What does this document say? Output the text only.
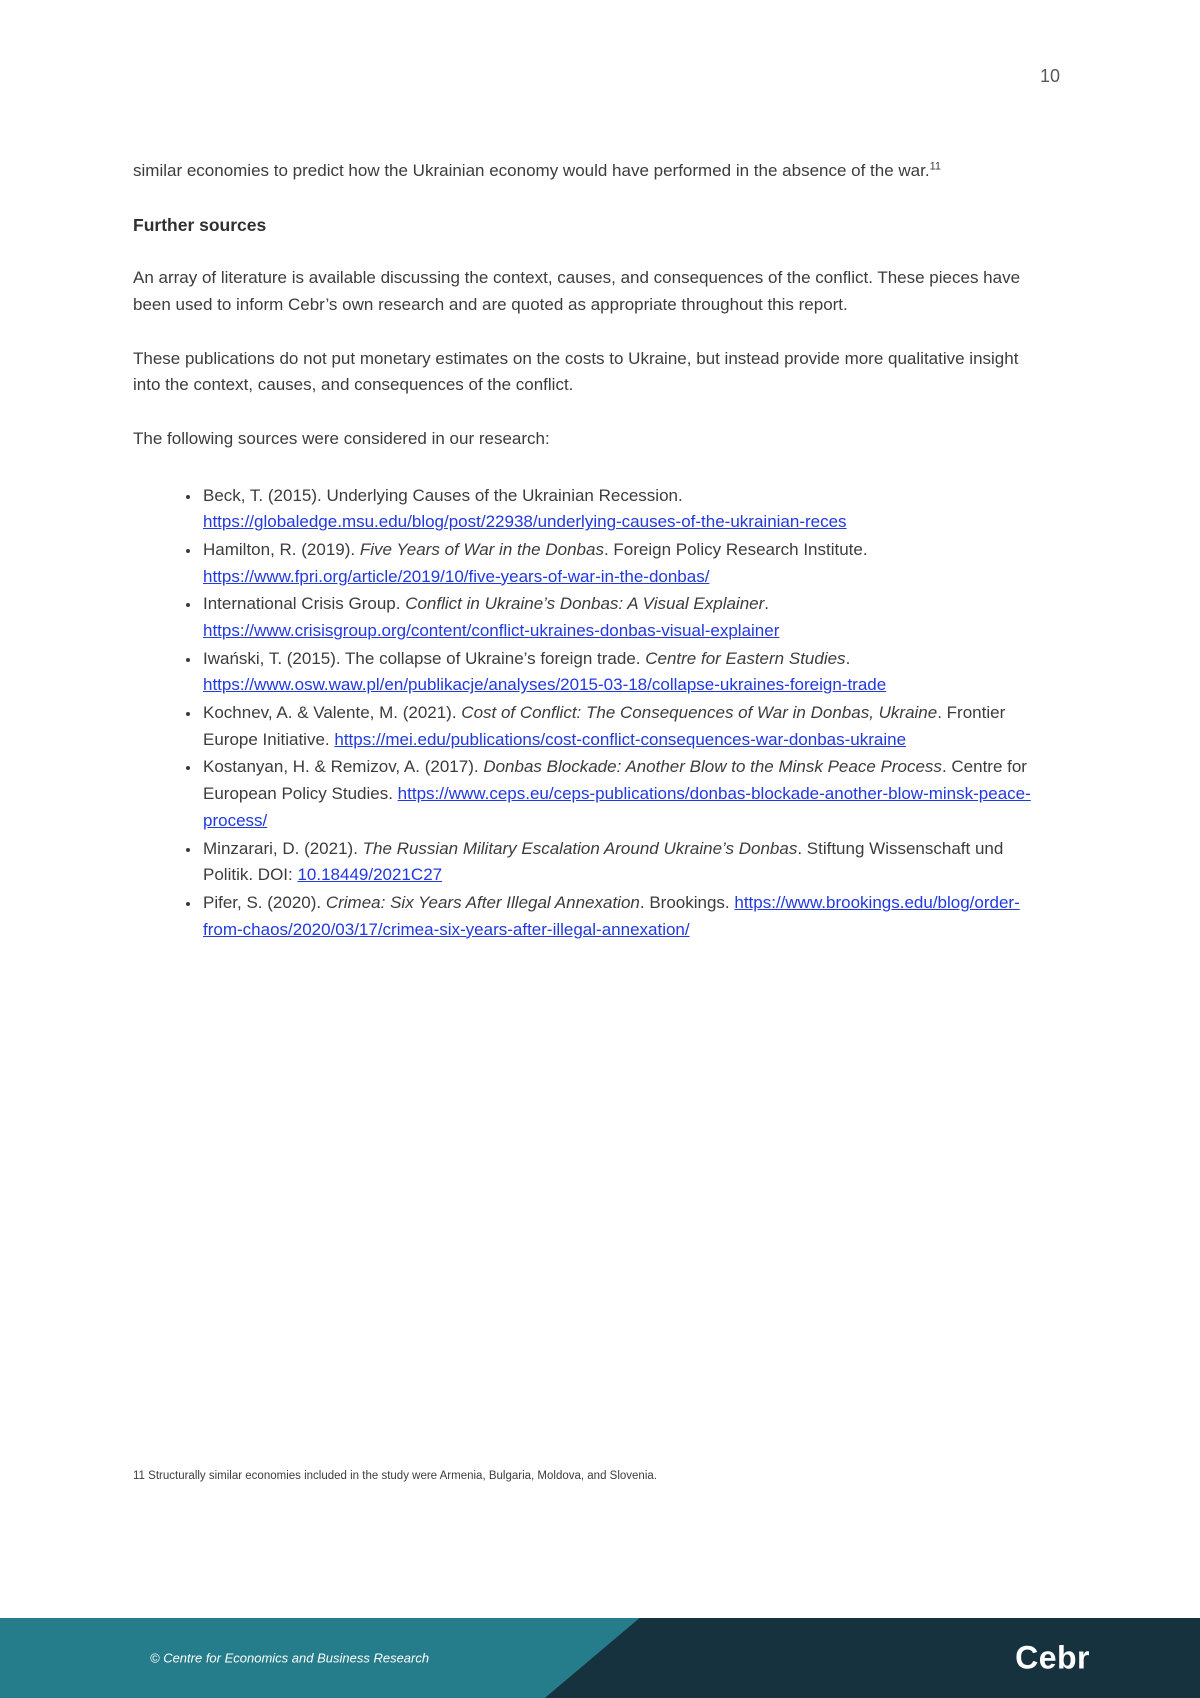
10

similar economies to predict how the Ukrainian economy would have performed in the absence of the war.$^{11}$

Further sources

An array of literature is available discussing the context, causes, and consequences of the conflict. These pieces have been used to inform Cebr’s own research and are quoted as appropriate throughout this report.

These publications do not put monetary estimates on the costs to Ukraine, but instead provide more qualitative insight into the context, causes, and consequences of the conflict.

The following sources were considered in our research:

• Beck, T. (2015). Underlying Causes of the Ukrainian Recession. https://globaledge.msu.edu/blog/post/22938/underlying-causes-of-the-ukrainian-reces
• Hamilton, R. (2019). Five Years of War in the Donbas. Foreign Policy Research Institute. https://www.fpri.org/article/2019/10/five-years-of-war-in-the-donbas/
• International Crisis Group. Conflict in Ukraine’s Donbas: A Visual Explainer. https://www.crisisgroup.org/content/conflict-ukraines-donbas-visual-explainer
• Iwański, T. (2015). The collapse of Ukraine’s foreign trade. Centre for Eastern Studies. https://www.osw.waw.pl/en/publikacje/analyses/2015-03-18/collapse-ukraines-foreign-trade
• Kochnev, A. & Valente, M. (2021). Cost of Conflict: The Consequences of War in Donbas, Ukraine. Frontier Europe Initiative. https://mei.edu/publications/cost-conflict-consequences-war-donbas-ukraine
• Kostanyan, H. & Remizov, A. (2017). Donbas Blockade: Another Blow to the Minsk Peace Process. Centre for European Policy Studies. https://www.ceps.eu/ceps-publications/donbas-blockade-another-blow-minsk-peace-process/
• Minzarari, D. (2021). The Russian Military Escalation Around Ukraine’s Donbas. Stiftung Wissenschaft und Politik. DOI: 10.18449/2021C27
• Pifer, S. (2020). Crimea: Six Years After Illegal Annexation. Brookings. https://www.brookings.edu/blog/order-from-chaos/2020/03/17/crimea-six-years-after-illegal-annexation/
11 Structurally similar economies included in the study were Armenia, Bulgaria, Moldova, and Slovenia.
© Centre for Economics and Business Research	Cebr
